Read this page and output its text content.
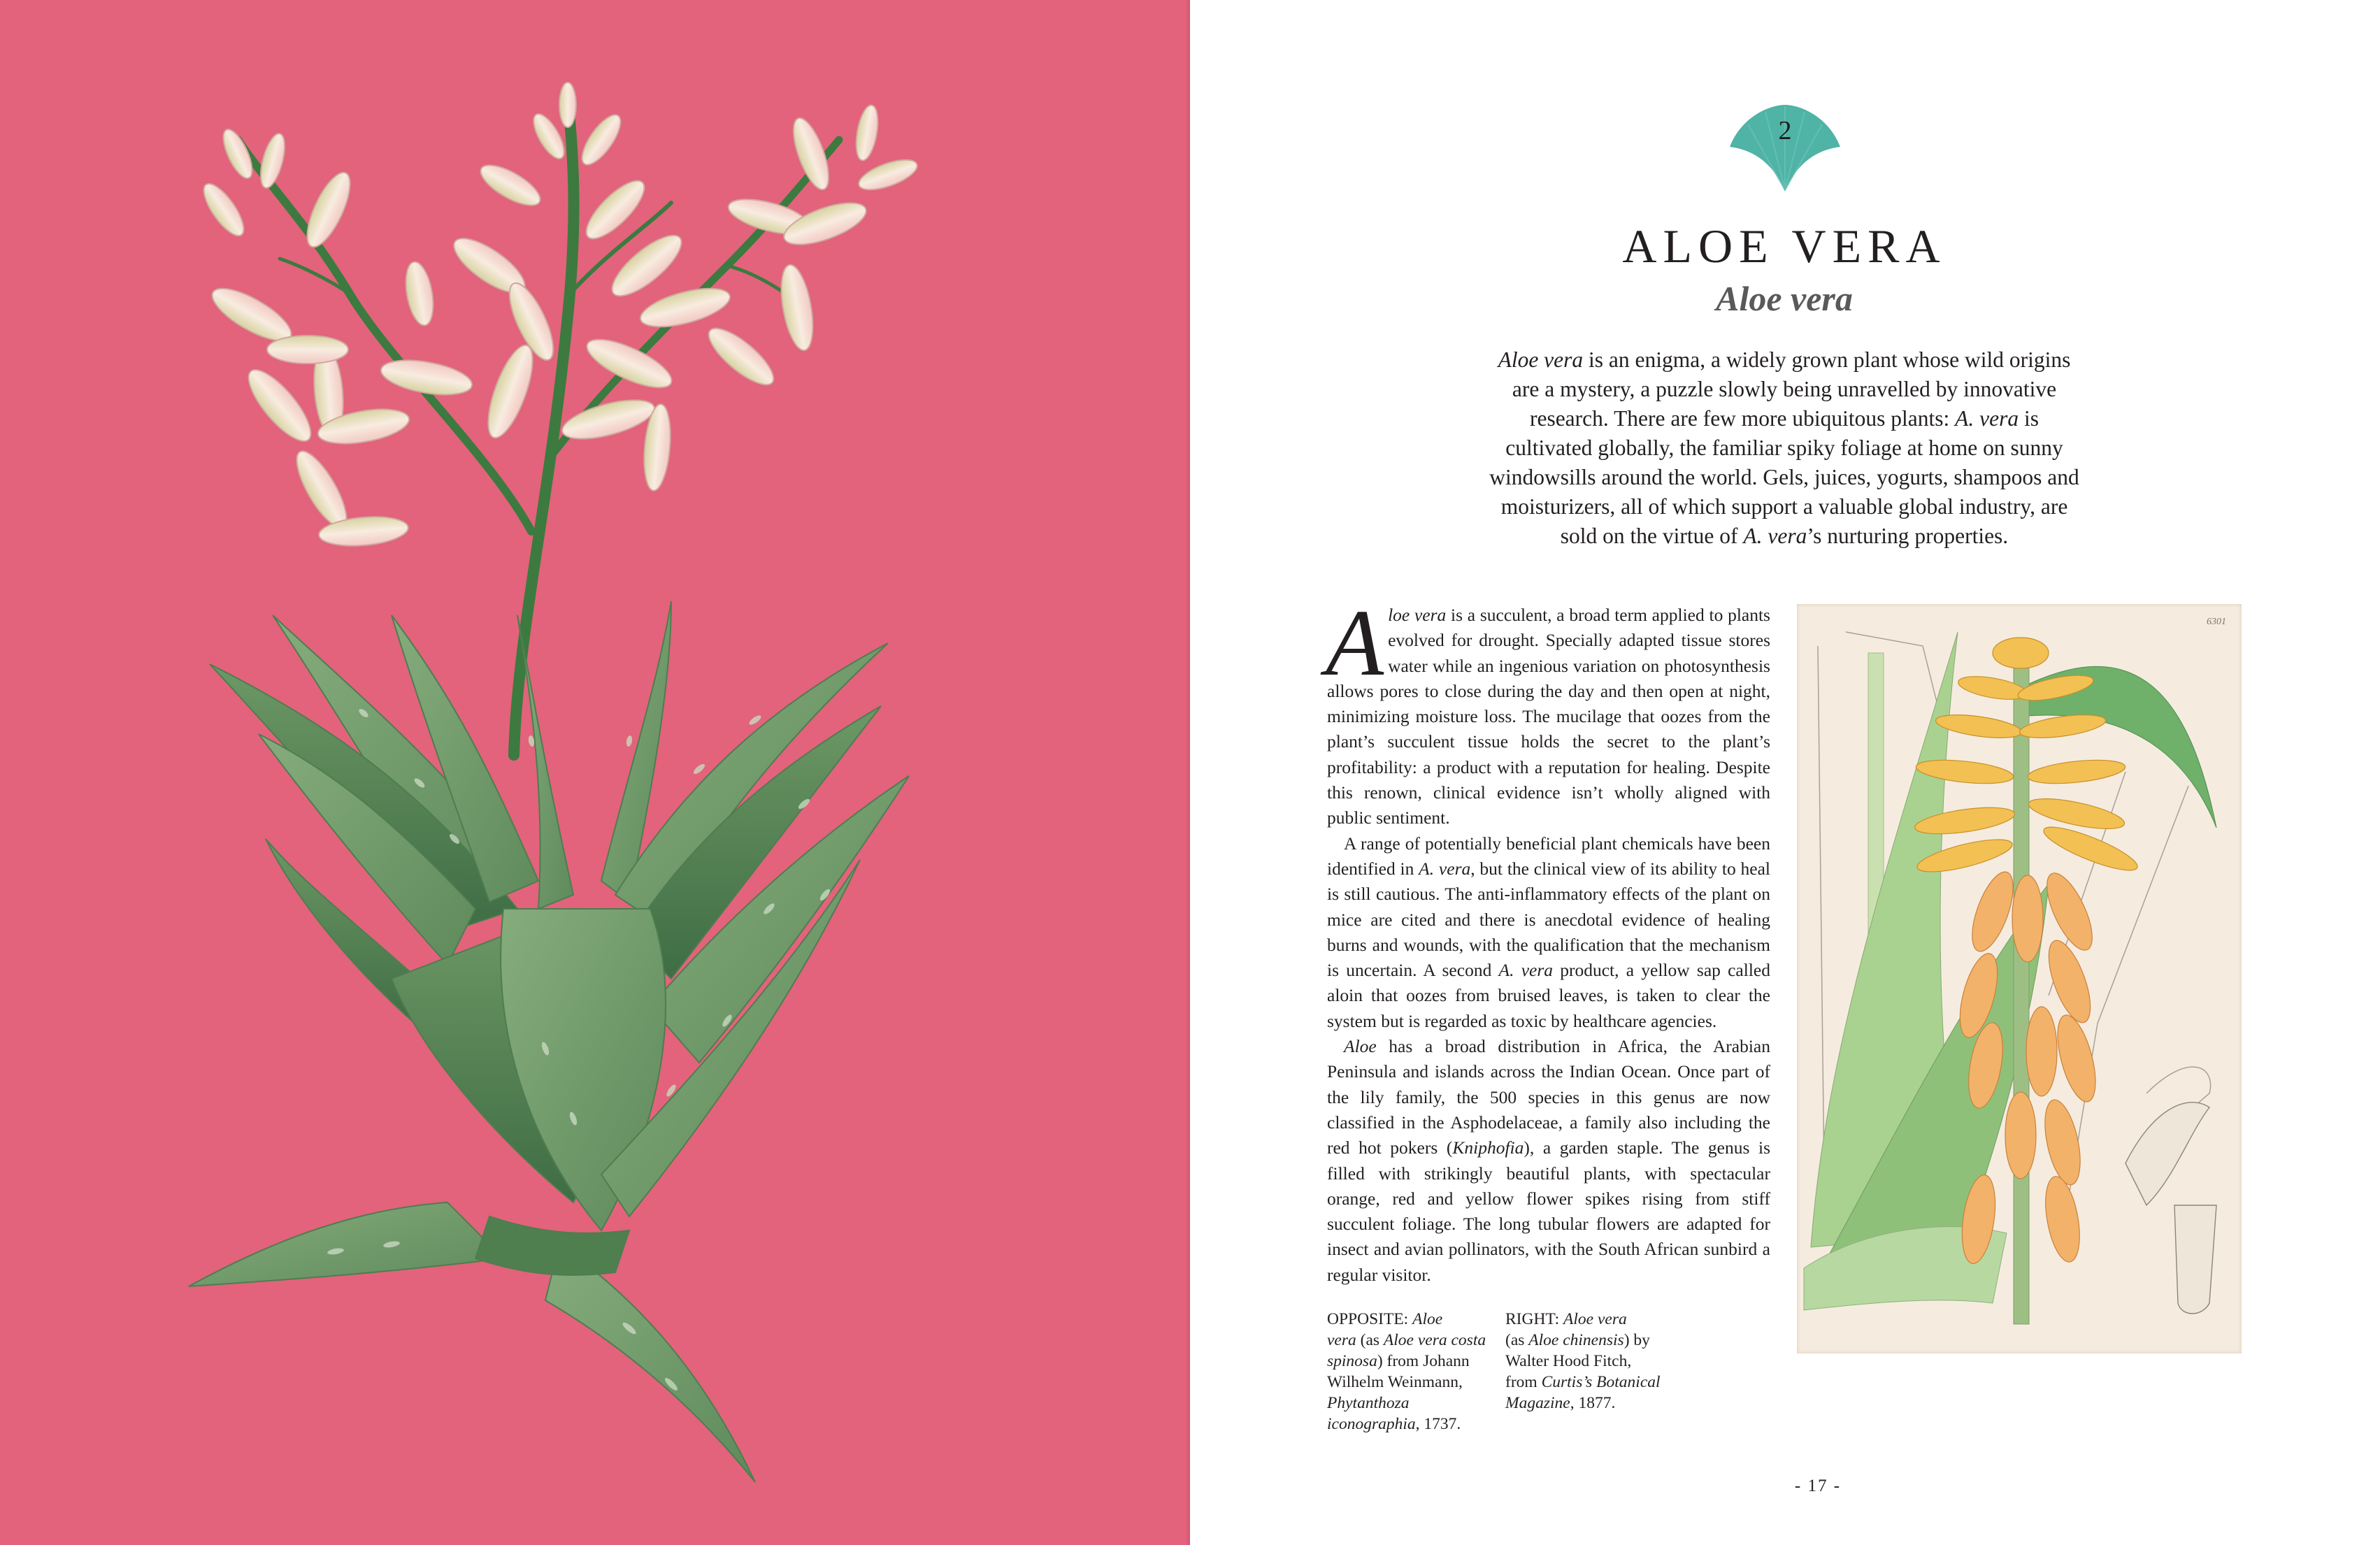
2
ALOE VERA
Aloe vera

Aloe vera is an enigma, a widely grown plant whose wild origins
are a mystery, a puzzle slowly being unravelled by innovative
research. There are few more ubiquitous plants: A. vera is
cultivated globally, the familiar spiky foliage at home on sunny
windowsills around the world. Gels, juices, yogurts, shampoos and
moisturizers, all of which support a valuable global industry, are
sold on the virtue of A. vera’s nurturing properties.

Aloe vera is a succulent, a broad term applied to plants evolved for drought. Specially adapted tissue stores water while an ingenious variation on photosynthesis allows pores to close during the day and then open at night, minimizing moisture loss. The mucilage that oozes from the plant’s succulent tissue holds the secret to the plant’s profitability: a product with a reputation for healing. Despite this renown, clinical evidence isn’t wholly aligned with public sentiment.

A range of potentially beneficial plant chemicals have been identified in A. vera, but the clinical view of its ability to heal is still cautious. The anti-inflammatory effects of the plant on mice are cited and there is anecdotal evidence of healing burns and wounds, with the qualification that the mechanism is uncertain. A second A. vera product, a yellow sap called aloin that oozes from bruised leaves, is taken to clear the system but is regarded as toxic by healthcare agencies.

Aloe has a broad distribution in Africa, the Arabian Peninsula and islands across the Indian Ocean. Once part of the lily family, the 500 species in this genus are now classified in the Asphodelaceae, a family also including the red hot pokers (Kniphofia), a garden staple. The genus is filled with strikingly beautiful plants, with spectacular orange, red and yellow flower spikes rising from stiff succulent foliage. The long tubular flowers are adapted for insect and avian pollinators, with the South African sunbird a regular visitor.

OPPOSITE: Aloe
vera (as Aloe vera costa
spinosa) from Johann
Wilhelm Weinmann,
Phytanthoza
iconographia, 1737.
RIGHT: Aloe vera
(as Aloe chinensis) by
Walter Hood Fitch,
from Curtis’s Botanical
Magazine, 1877.
6301
- 17 -
